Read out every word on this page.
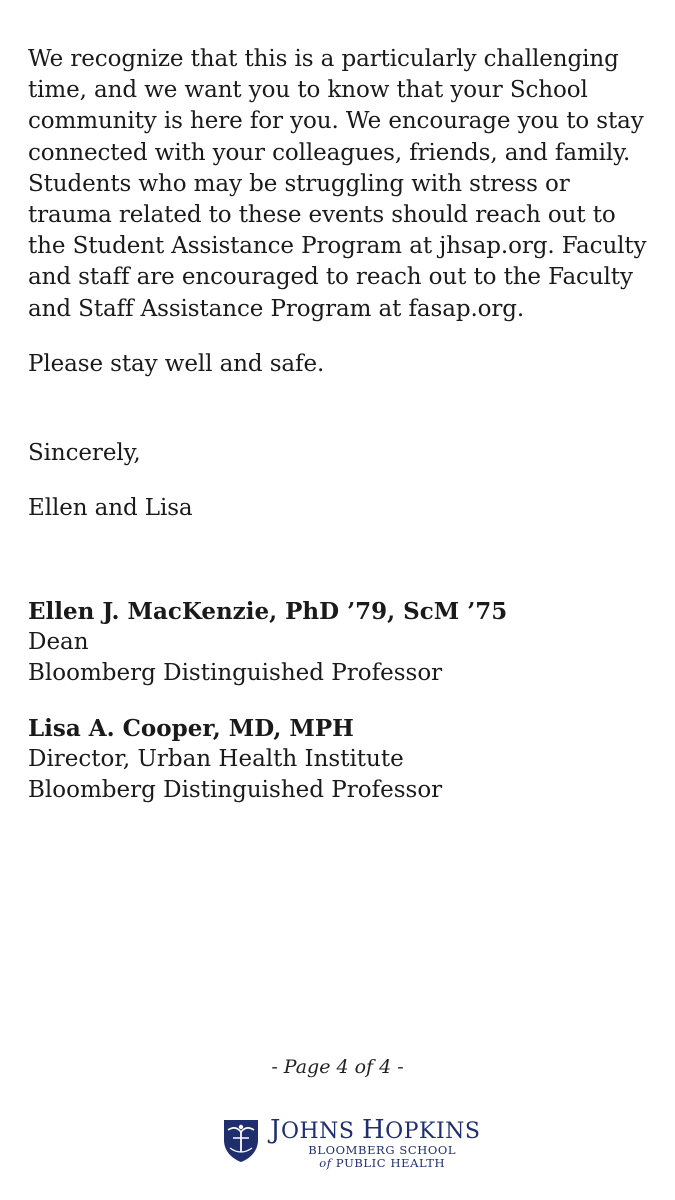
We recognize that this is a particularly challenging time, and we want you to know that your School community is here for you. We encourage you to stay connected with your colleagues, friends, and family. Students who may be struggling with stress or trauma related to these events should reach out to the Student Assistance Program at jhsap.org. Faculty and staff are encouraged to reach out to the Faculty and Staff Assistance Program at fasap.org.

Please stay well and safe.

Sincerely,

Ellen and Lisa

Ellen J. MacKenzie, PhD ’79, ScM ’75

Dean

Bloomberg Distinguished Professor

Lisa A. Cooper, MD, MPH

Director, Urban Health Institute

Bloomberg Distinguished Professor

- Page 4 of 4 -
JOHNS HOPKINS
BLOOMBERG SCHOOL
of PUBLIC HEALTH
